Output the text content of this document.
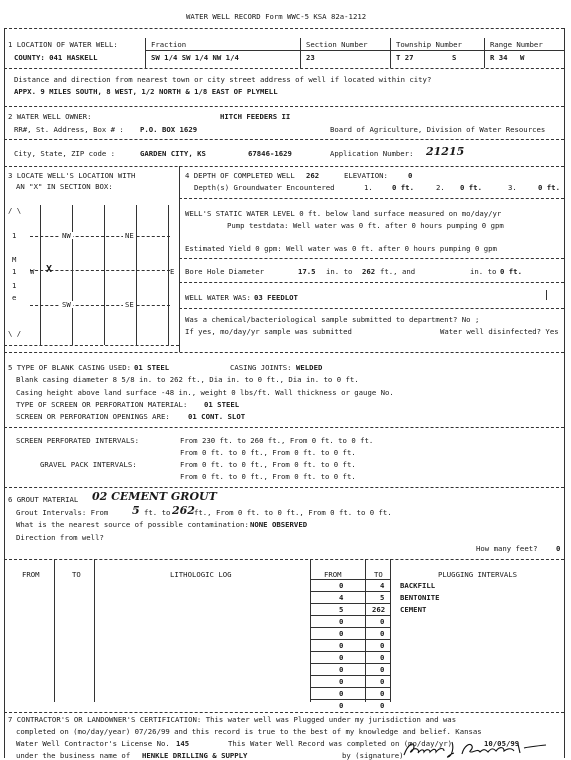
WATER WELL RECORD Form WWC-5 KSA 82a-1212
1 LOCATION OF WATER WELL:	Fraction	Section Number	Township Number	Range Number
COUNTY: 041 HASKELL	SW 1/4 SW 1/4 NW 1/4	23	T 27	S	R 34 W
Distance and direction from nearest town or city street address of well if located within city?
APPX. 9 MILES SOUTH, 8 WEST, 1/2 NORTH & 1/8 EAST OF PLYMELL
2 WATER WELL OWNER:	HITCH FEEDERS II
RR#, St. Address, Box # : P.O. BOX 1629	Board of Agriculture, Division of Water Resources
City, State, ZIP code :	GARDEN CITY, KS	67846-1629	Application Number: 21215
3 LOCATE WELL'S LOCATION WITH
AN "X" IN SECTION BOX:
/ \
\ /
1
M
1
1
e
W	E
NW	NE
SW	SE
X
4 DEPTH OF COMPLETED WELL 262	ELEVATION:	0
Depth(s) Groundwater Encountered	1.	0 ft.	2. 0 ft.	3.	0 ft.
WELL'S STATIC WATER LEVEL 0 ft. below land surface measured on mo/day/yr
Pump testdata: Well water was 0 ft. after 0 hours pumping 0 gpm
Estimated Yield 0 gpm: Well water was 0 ft. after 0 hours pumping 0 gpm
Bore Hole Diameter	17.5 in. to 262 ft., and	in. to 0 ft.
WELL WATER WAS: 03 FEEDLOT
Was a chemical/bacteriological sample submitted to department? No ;
If yes, mo/day/yr sample was submitted	Water well disinfected? Yes
5 TYPE OF BLANK CASING USED: 01 STEEL	CASING JOINTS: WELDED
Blank casing diameter 8 5/8 in. to 262 ft., Dia in. to 0 ft., Dia in. to 0 ft.
Casing height above land surface -48 in., weight 0 lbs/ft. Wall thickness or gauge No.
TYPE OF SCREEN OR PERFORATION MATERIAL: 01 STEEL
SCREEN OR PERFORATION OPENINGS ARE: 01 CONT. SLOT
SCREEN PERFORATED INTERVALS:	From 230 ft. to 260 ft., From 0 ft. to 0 ft.
From 0 ft. to 0 ft., From 0 ft. to 0 ft.
GRAVEL PACK INTERVALS:	From 0 ft. to 0 ft., From 0 ft. to 0 ft.
From 0 ft. to 0 ft., From 0 ft. to 0 ft.
6 GROUT MATERIAL 02 CEMENT GROUT
Grout Intervals: From 5 ft. to 262 ft., From 0 ft. to 0 ft., From 0 ft. to 0 ft.
What is the nearest source of possible contamination: NONE OBSERVED
Direction from well?
How many feet?	0
FROM	TO	LITHOLOGIC LOG	FROM	TO	PLUGGING INTERVALS
0	4 BACKFILL
4	5 BENTONITE
5	262 CEMENT
0	0
0	0
0	0
0	0
0	0
0	0
0	0
0	0
7 CONTRACTOR'S OR LANDOWNER'S CERTIFICATION: This water well was Plugged under my jurisdiction and was
completed on (mo/day/year) 07/26/99 and this record is true to the best of my knowledge and belief. Kansas
Water Well Contractor's License No. 145	This Water Well Record was completed on (mo/day/yr)	10/05/99
under the business name of HENKLE DRILLING & SUPPLY	by (signature)
